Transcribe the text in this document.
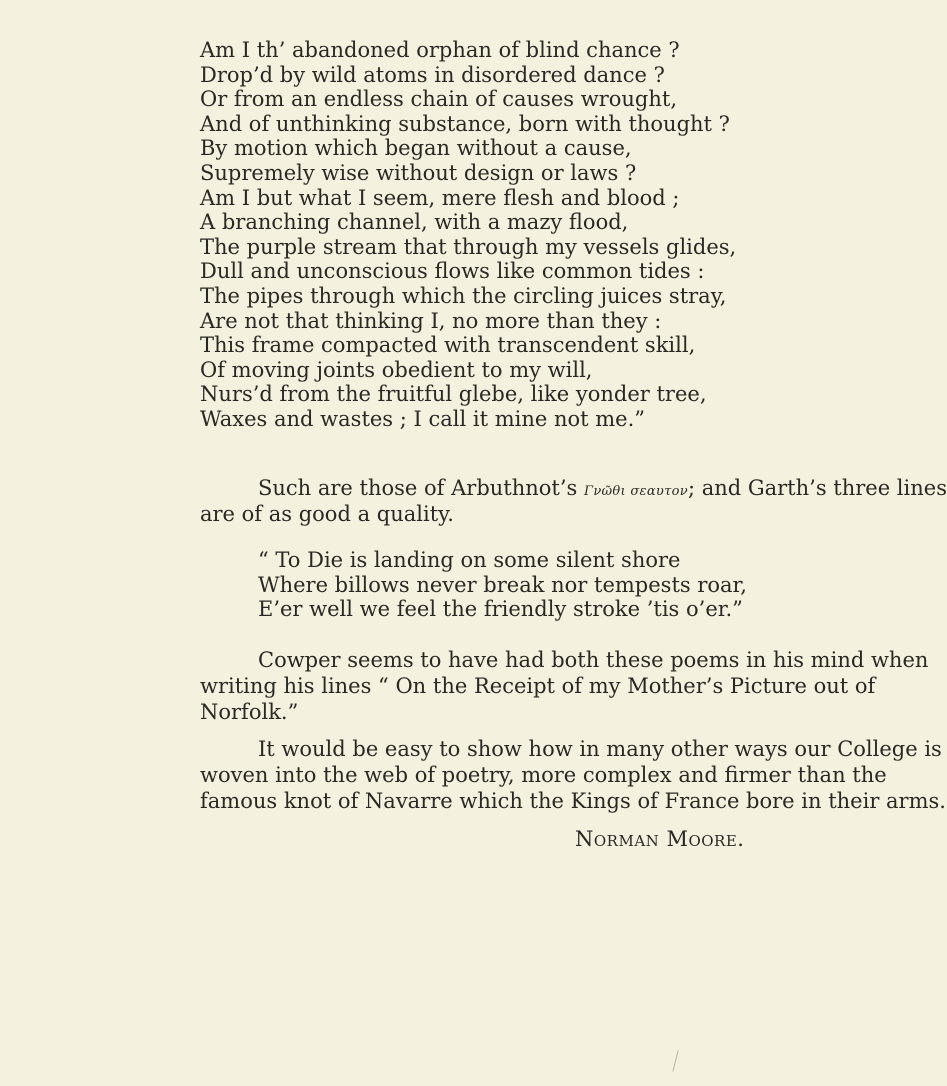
Am I th’ abandoned orphan of blind chance ?
Drop’d by wild atoms in disordered dance ?
Or from an endless chain of causes wrought,
And of unthinking substance, born with thought ?
By motion which began without a cause,
Supremely wise without design or laws ?
Am I but what I seem, mere flesh and blood ;
A branching channel, with a mazy flood,
The purple stream that through my vessels glides,
Dull and unconscious flows like common tides :
The pipes through which the circling juices stray,
Are not that thinking I, no more than they :
This frame compacted with transcendent skill,
Of moving joints obedient to my will,
Nurs’d from the fruitful glebe, like yonder tree,
Waxes and wastes ; I call it mine not me.”
Such are those of Arbuthnot’s Γνῶθι σεαυτον; and Garth’s three lines
are of as good a quality.
“ To Die is landing on some silent shore
Where billows never break nor tempests roar,
E’er well we feel the friendly stroke ’tis o’er.”
Cowper seems to have had both these poems in his mind when
writing his lines “ On the Receipt of my Mother’s Picture out of
Norfolk.”
It would be easy to show how in many other ways our College is
woven into the web of poetry, more complex and firmer than the
famous knot of Navarre which the Kings of France bore in their arms.
Norman Moore.
